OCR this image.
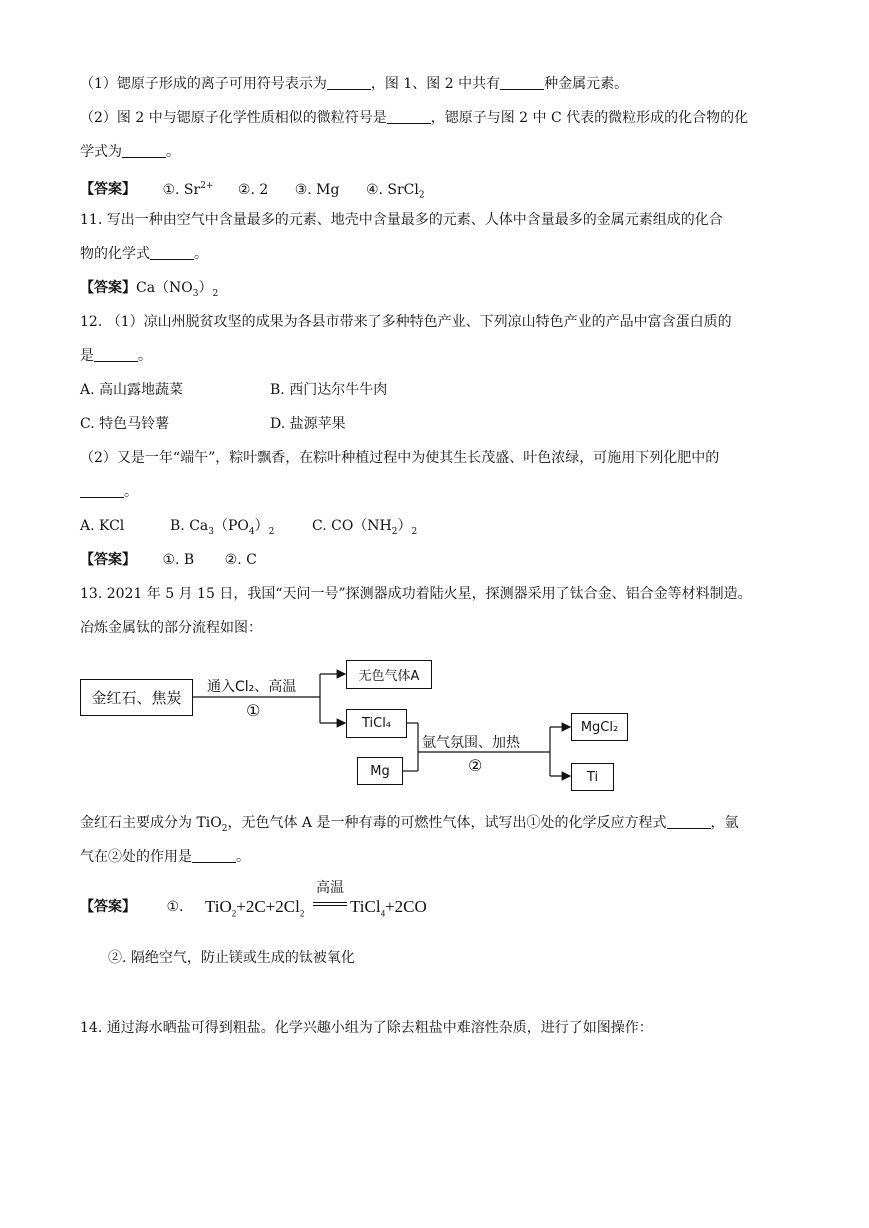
（1）锶原子形成的离子可用符号表示为	，图 1、图 2 中共有	种金属元素。
（2）图 2 中与锶原子化学性质相似的微粒符号是	，锶原子与图 2 中 C 代表的微粒形成的化合物的化
学式为	。
【答案】 ①. $Sr^{2+}$ ②. 2 ③. Mg ④. SrCl$_2$
11. 写出一种由空气中含量最多的元素、地壳中含量最多的元素、人体中含量最多的金属元素组成的化合
物的化学式	。
【答案】$Ca(NO_3)_2$
12. （1）凉山州脱贫攻坚的成果为各县市带来了多种特色产业、下列凉山特色产业的产品中富含蛋白质的
是	。
A. 高山露地蔬菜	B. 西门达尔牛牛肉
C. 特色马铃薯	D. 盐源苹果
（2）又是一年“端午”，粽叶飘香，在粽叶种植过程中为使其生长茂盛、叶色浓绿，可施用下列化肥中的
。
A. KCl	B. $Ca_3(PO_4)_2$	C. $CO(NH_2)_2$
【答案】 ①. B ②. C
13. 2021 年 5 月 15 日，我国“天问一号”探测器成功着陆火星，探测器采用了钛合金、铝合金等材料制造。
冶炼金属钛的部分流程如图：
金红石、焦炭
无色气体A
TiCl₄
Mg
MgCl₂
Ti
通入Cl₂、高温
①
氩气氛围、加热
②
金红石主要成分为 TiO$_2$，无色气体 A 是一种有毒的可燃性气体，试写出①处的化学反应方程式	，氩
气在②处的作用是	。
【答案】 ①. $TiO_2+2C+2Cl_2$
高温
TiCl$_4$+2CO
②. 隔绝空气，防止镁或生成的钛被氧化
14. 通过海水晒盐可得到粗盐。化学兴趣小组为了除去粗盐中难溶性杂质，进行了如图操作：
